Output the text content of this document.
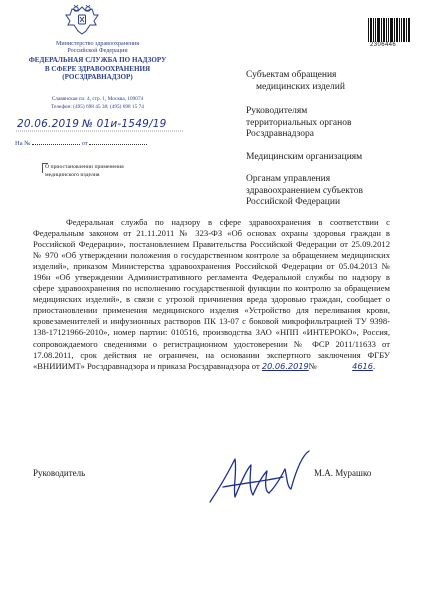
Министерство здравоохранения
Российской Федерации
ФЕДЕРАЛЬНАЯ СЛУЖБА ПО НАДЗОРУ
В СФЕРЕ ЗДРАВООХРАНЕНИЯ
(РОСЗДРАВНАДЗОР)
Славянская пл. 4, стр. 1, Москва, 109074
Телефон: (495) 698 45 38; (495) 698 15 74
20.06.2019 № 01и-1549/19
На №	от
О приостановлении применения
медицинского изделия
2306446
Субъектам обращения
медицинских изделий
Руководителям
территориальных органов
Росздравнадзора
Медицинским организациям
Органам управления
здравоохранением субъектов
Российской Федерации
Федеральная служба по надзору в сфере здравоохранения в соответствии с Федеральным законом от 21.11.2011 № 323-ФЗ «Об основах охраны здоровья граждан в Российской Федерации», постановлением Правительства Российской Федерации от 25.09.2012 № 970 «Об утверждении положения о государственном контроле за обращением медицинских изделий», приказом Министерства здравоохранения Российской Федерации от 05.04.2013 № 196н «Об утверждении Административного регламента Федеральной службы по надзору в сфере здравоохранения по исполнению государственной функции по контролю за обращением медицинских изделий», в связи с угрозой причинения вреда здоровью граждан, сообщает о приостановлении применения медицинского изделия «Устройство для переливания крови, кровезаменителей и инфузионных растворов ПК 13-07 с боковой микрофильтрацией ТУ 9398-138-17121966-2010», номер партии: 010516, производства ЗАО «НПП «ИНТЕРОКО», Россия, сопровождаемого сведениями о регистрационном удостоверении № ФСР 2011/11633 от 17.08.2011, срок действия не ограничен, на основании экспертного заключения ФГБУ «ВНИИИМТ» Росздравнадзора и приказа Росздравнадзора от 20.06.2019№	4616.
Руководитель	М.А. Мурашко
